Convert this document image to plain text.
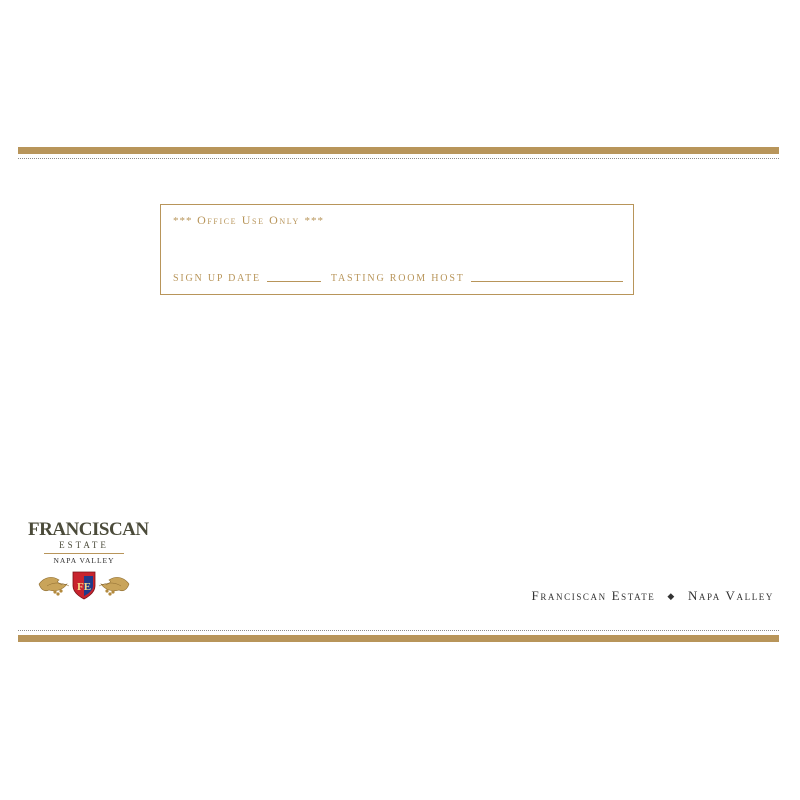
*** Office Use Only ***
SIGN UP DATE	TASTING ROOM HOST
FRANCISCAN
ESTATE
NAPA VALLEY
FE
Franciscan Estate ◆ Napa Valley
